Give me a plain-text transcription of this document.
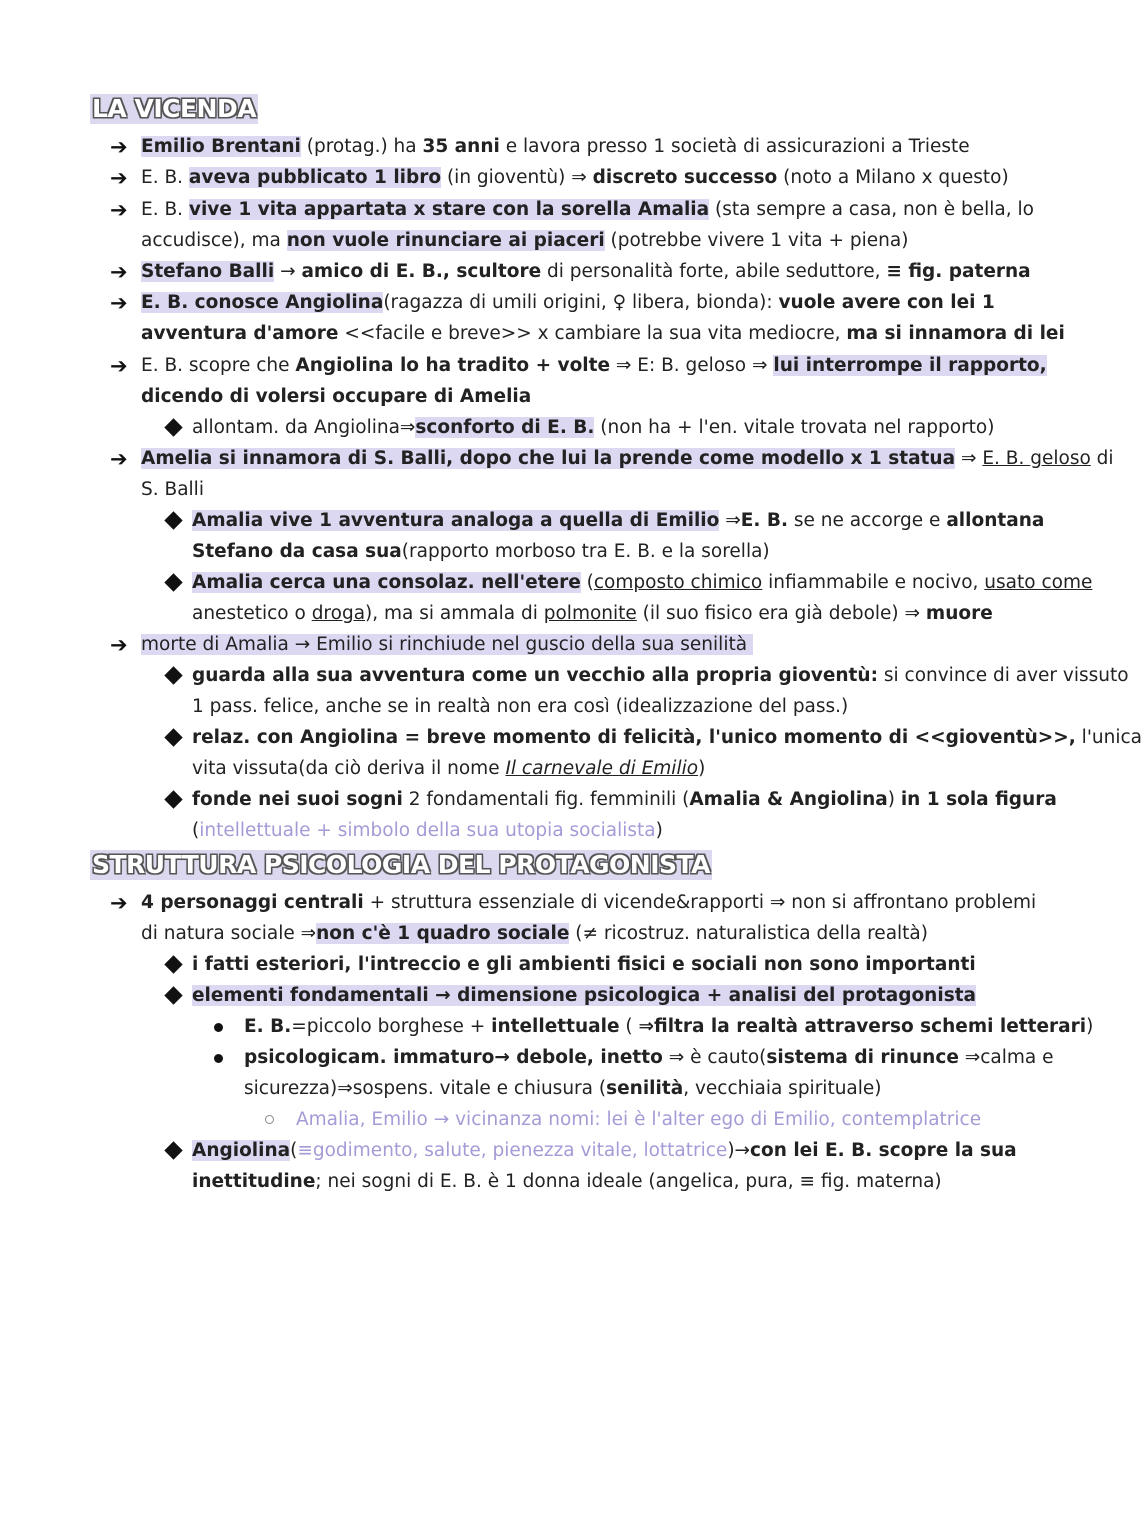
LA VICENDA
➔ Emilio Brentani (protag.) ha 35 anni e lavora presso 1 società di assicurazioni a Trieste
➔ E. B. aveva pubblicato 1 libro (in gioventù) ⇒ discreto successo (noto a Milano x questo)
➔ E. B. vive 1 vita appartata x stare con la sorella Amalia (sta sempre a casa, non è bella, lo
accudisce), ma non vuole rinunciare ai piaceri (potrebbe vivere 1 vita + piena)
➔ Stefano Balli → amico di E. B., scultore di personalità forte, abile seduttore, ≡ fig. paterna
➔ E. B. conosce Angiolina(ragazza di umili origini, ♀ libera, bionda): vuole avere con lei 1
avventura d'amore <<facile e breve>> x cambiare la sua vita mediocre, ma si innamora di lei
➔ E. B. scopre che Angiolina lo ha tradito + volte ⇒ E: B. geloso ⇒ lui interrompe il rapporto,
dicendo di volersi occupare di Amelia
allontam. da Angiolina⇒sconforto di E. B. (non ha + l'en. vitale trovata nel rapporto)
➔ Amelia si innamora di S. Balli, dopo che lui la prende come modello x 1 statua ⇒ E. B. geloso di
S. Balli
Amalia vive 1 avventura analoga a quella di Emilio ⇒E. B. se ne accorge e allontana
Stefano da casa sua(rapporto morboso tra E. B. e la sorella)
Amalia cerca una consolaz. nell'etere (composto chimico infiammabile e nocivo, usato come
anestetico o droga), ma si ammala di polmonite (il suo fisico era già debole) ⇒ muore
➔ morte di Amalia → Emilio si rinchiude nel guscio della sua senilità
guarda alla sua avventura come un vecchio alla propria gioventù: si convince di aver vissuto
1 pass. felice, anche se in realtà non era così (idealizzazione del pass.)
relaz. con Angiolina = breve momento di felicità, l'unico momento di <<gioventù>>, l'unica
vita vissuta(da ciò deriva il nome Il carnevale di Emilio)
fonde nei suoi sogni 2 fondamentali fig. femminili (Amalia & Angiolina) in 1 sola figura
(intellettuale + simbolo della sua utopia socialista)
STRUTTURA PSICOLOGIA DEL PROTAGONISTA
➔ 4 personaggi centrali + struttura essenziale di vicende&rapporti ⇒ non si affrontano problemi
di natura sociale ⇒non c'è 1 quadro sociale (≠ ricostruz. naturalistica della realtà)
i fatti esteriori, l'intreccio e gli ambienti fisici e sociali non sono importanti
elementi fondamentali → dimensione psicologica + analisi del protagonista
E. B.=piccolo borghese + intellettuale ( ⇒filtra la realtà attraverso schemi letterari)
psicologicam. immaturo→ debole, inetto ⇒ è cauto(sistema di rinunce ⇒calma e
sicurezza)⇒sospens. vitale e chiusura (senilità, vecchiaia spirituale)
Amalia, Emilio → vicinanza nomi: lei è l'alter ego di Emilio, contemplatrice
Angiolina(≡godimento, salute, pienezza vitale, lottatrice)→con lei E. B. scopre la sua
inettitudine; nei sogni di E. B. è 1 donna ideale (angelica, pura, ≡ fig. materna)
